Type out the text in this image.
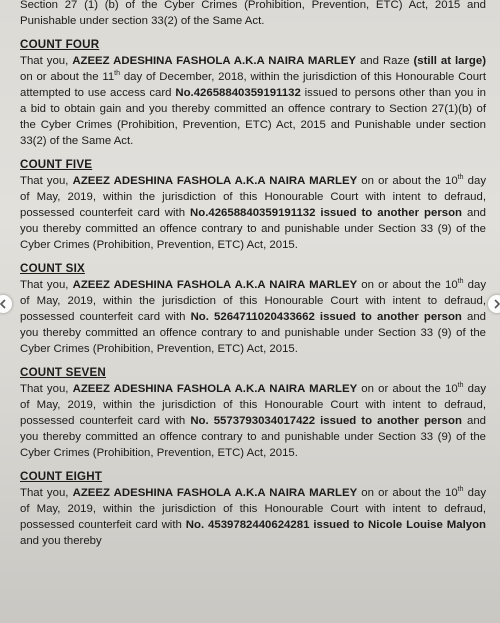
Section 27 (1) (b) of the Cyber Crimes (Prohibition, Prevention, ETC) Act, 2015 and Punishable under section 33(2) of the Same Act.

COUNT FOUR

That you, AZEEZ ADESHINA FASHOLA A.K.A NAIRA MARLEY and Raze (still at large) on or about the 11th day of December, 2018, within the jurisdiction of this Honourable Court attempted to use access card No.42658840359191132 issued to persons other than you in a bid to obtain gain and you thereby committed an offence contrary to Section 27(1)(b) of the Cyber Crimes (Prohibition, Prevention, ETC) Act, 2015 and Punishable under section 33(2) of the Same Act.

COUNT FIVE

That you, AZEEZ ADESHINA FASHOLA A.K.A NAIRA MARLEY on or about the 10th day of May, 2019, within the jurisdiction of this Honourable Court with intent to defraud, possessed counterfeit card with No.42658840359191132 issued to another person and you thereby committed an offence contrary to and punishable under Section 33 (9) of the Cyber Crimes (Prohibition, Prevention, ETC) Act, 2015.

COUNT SIX

That you, AZEEZ ADESHINA FASHOLA A.K.A NAIRA MARLEY on or about the 10th day of May, 2019, within the jurisdiction of this Honourable Court with intent to defraud, possessed counterfeit card with No. 5264711020433662 issued to another person and you thereby committed an offence contrary to and punishable under Section 33 (9) of the Cyber Crimes (Prohibition, Prevention, ETC) Act, 2015.

COUNT SEVEN

That you, AZEEZ ADESHINA FASHOLA A.K.A NAIRA MARLEY on or about the 10th day of May, 2019, within the jurisdiction of this Honourable Court with intent to defraud, possessed counterfeit card with No. 5573793034017422 issued to another person and you thereby committed an offence contrary to and punishable under Section 33 (9) of the Cyber Crimes (Prohibition, Prevention, ETC) Act, 2015.

COUNT EIGHT

That you, AZEEZ ADESHINA FASHOLA A.K.A NAIRA MARLEY on or about the 10th day of May, 2019, within the jurisdiction of this Honourable Court with intent to defraud, possessed counterfeit card with No. 4539782440624281 issued to Nicole Louise Malyon and you thereby
